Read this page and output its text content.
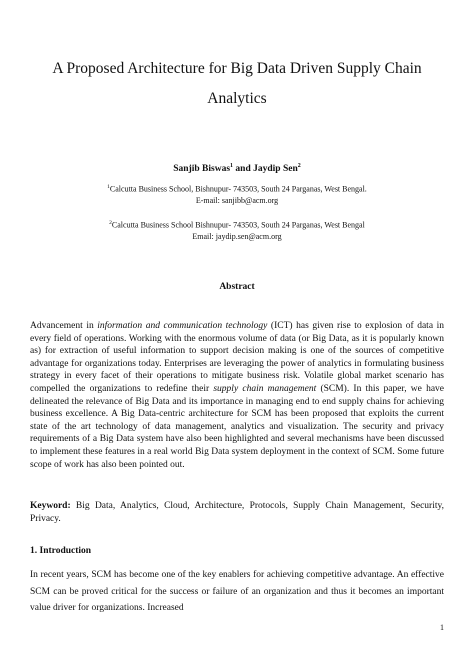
A Proposed Architecture for Big Data Driven Supply Chain Analytics
Sanjib Biswas$^1$ and Jaydip Sen$^2$
$^1$Calcutta Business School, Bishnupur- 743503, South 24 Parganas, West Bengal.
E-mail: sanjibb@acm.org
$^2$Calcutta Business School Bishnupur- 743503, South 24 Parganas, West Bengal
Email: jaydip.sen@acm.org
Abstract

Advancement in information and communication technology (ICT) has given rise to explosion of data in every field of operations. Working with the enormous volume of data (or Big Data, as it is popularly known as) for extraction of useful information to support decision making is one of the sources of competitive advantage for organizations today. Enterprises are leveraging the power of analytics in formulating business strategy in every facet of their operations to mitigate business risk. Volatile global market scenario has compelled the organizations to redefine their supply chain management (SCM). In this paper, we have delineated the relevance of Big Data and its importance in managing end to end supply chains for achieving business excellence. A Big Data-centric architecture for SCM has been proposed that exploits the current state of the art technology of data management, analytics and visualization. The security and privacy requirements of a Big Data system have also been highlighted and several mechanisms have been discussed to implement these features in a real world Big Data system deployment in the context of SCM. Some future scope of work has also been pointed out.

Keyword: Big Data, Analytics, Cloud, Architecture, Protocols, Supply Chain Management, Security, Privacy.

1. Introduction

In recent years, SCM has become one of the key enablers for achieving competitive advantage. An effective SCM can be proved critical for the success or failure of an organization and thus it becomes an important value driver for organizations. Increased

1
